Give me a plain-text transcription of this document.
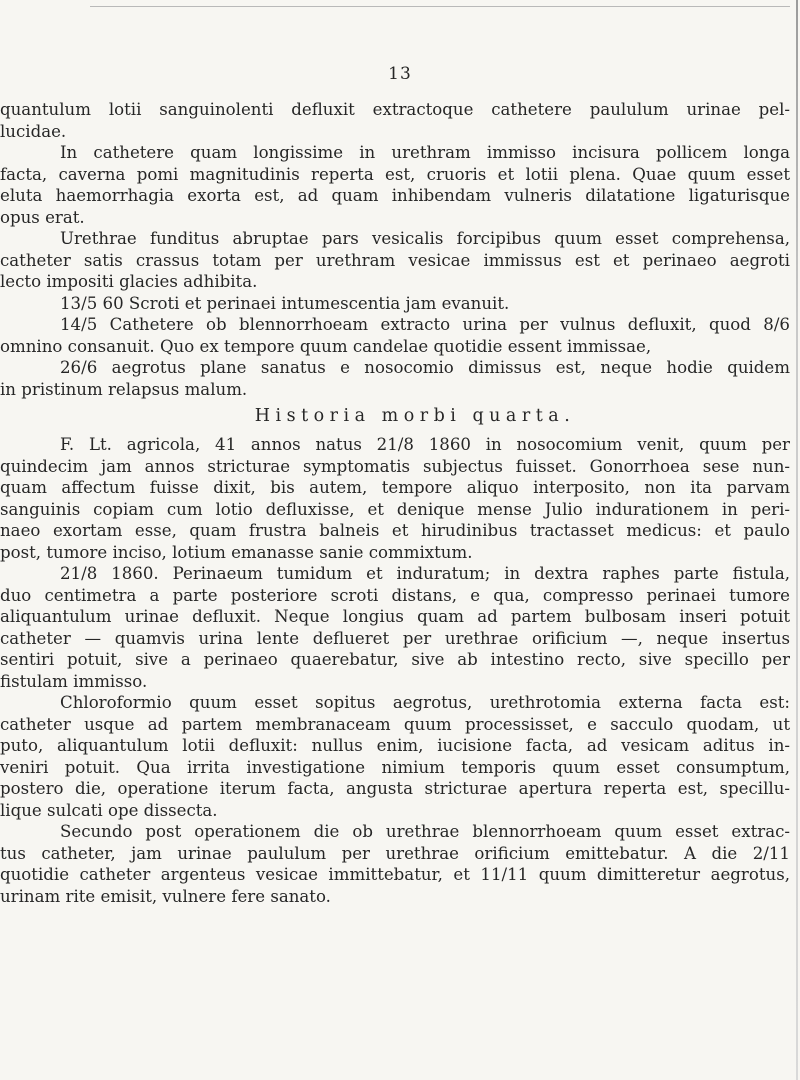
13
quantulum lotii sanguinolenti defluxit extractoque cathetere paululum urinae pel-
lucidae.
In cathetere quam longissime in urethram immisso incisura pollicem longa
facta, caverna pomi magnitudinis reperta est, cruoris et lotii plena. Quae quum esset
eluta haemorrhagia exorta est, ad quam inhibendam vulneris dilatatione ligaturisque
opus erat.
Urethrae funditus abruptae pars vesicalis forcipibus quum esset comprehensa,
catheter satis crassus totam per urethram vesicae immissus est et perinaeo aegroti
lecto impositi glacies adhibita.
13/5 60 Scroti et perinaei intumescentia jam evanuit.
14/5 Cathetere ob blennorrhoeam extracto urina per vulnus defluxit, quod 8/6
omnino consanuit. Quo ex tempore quum candelae quotidie essent immissae,
26/6 aegrotus plane sanatus e nosocomio dimissus est, neque hodie quidem
in pristinum relapsus malum.
Historia morbi quarta.
F. Lt. agricola, 41 annos natus 21/8 1860 in nosocomium venit, quum per
quindecim jam annos stricturae symptomatis subjectus fuisset. Gonorrhoea sese nun-
quam affectum fuisse dixit, bis autem, tempore aliquo interposito, non ita parvam
sanguinis copiam cum lotio defluxisse, et denique mense Julio indurationem in peri-
naeo exortam esse, quam frustra balneis et hirudinibus tractasset medicus: et paulo
post, tumore inciso, lotium emanasse sanie commixtum.
21/8 1860. Perinaeum tumidum et induratum; in dextra raphes parte fistula,
duo centimetra a parte posteriore scroti distans, e qua, compresso perinaei tumore
aliquantulum urinae defluxit. Neque longius quam ad partem bulbosam inseri potuit
catheter — quamvis urina lente deflueret per urethrae orificium —, neque insertus
sentiri potuit, sive a perinaeo quaerebatur, sive ab intestino recto, sive specillo per
fistulam immisso.
Chloroformio quum esset sopitus aegrotus, urethrotomia externa facta est:
catheter usque ad partem membranaceam quum processisset, e sacculo quodam, ut
puto, aliquantulum lotii defluxit: nullus enim, iucisione facta, ad vesicam aditus in-
veniri potuit. Qua irrita investigatione nimium temporis quum esset consumptum,
postero die, operatione iterum facta, angusta stricturae apertura reperta est, specillu-
lique sulcati ope dissecta.
Secundo post operationem die ob urethrae blennorrhoeam quum esset extrac-
tus catheter, jam urinae paululum per urethrae orificium emittebatur. A die 2/11
quotidie catheter argenteus vesicae immittebatur, et 11/11 quum dimitteretur aegrotus,
urinam rite emisit, vulnere fere sanato.
